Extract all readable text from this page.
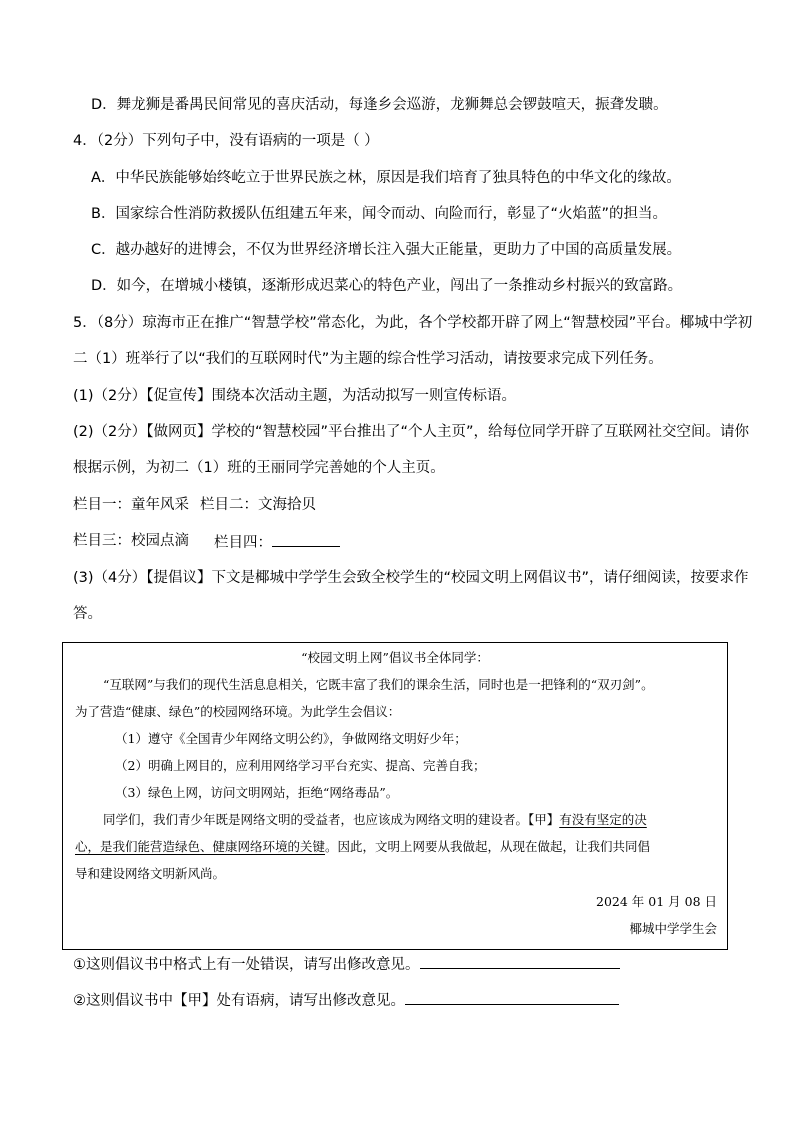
D．舞龙狮是番禺民间常见的喜庆活动，每逢乡会巡游，龙狮舞总会锣鼓喧天，振聋发聩。
4．（2分）下列句子中，没有语病的一项是（ ）
A．中华民族能够始终屹立于世界民族之林，原因是我们培育了独具特色的中华文化的缘故。
B．国家综合性消防救援队伍组建五年来，闻令而动、向险而行，彰显了“火焰蓝”的担当。
C．越办越好的进博会，不仅为世界经济增长注入强大正能量，更助力了中国的高质量发展。
D．如今，在增城小楼镇，逐渐形成迟菜心的特色产业，闯出了一条推动乡村振兴的致富路。
5．（8分）琼海市正在推广“智慧学校”常态化，为此，各个学校都开辟了网上“智慧校园”平台。椰城中学初
二（1）班举行了以“我们的互联网时代”为主题的综合性学习活动，请按要求完成下列任务。
(1)（2分）【促宣传】围绕本次活动主题，为活动拟写一则宣传标语。
(2)（2分）【做网页】学校的“智慧校园”平台推出了“个人主页”，给每位同学开辟了互联网社交空间。请你
根据示例，为初二（1）班的王丽同学完善她的个人主页。
栏目一：童年风采 栏目二：文海拾贝
栏目三：校园点滴 栏目四：
(3)（4分）【提倡议】下文是椰城中学学生会致全校学生的“校园文明上网倡议书”，请仔细阅读，按要求作
答。
“校园文明上网”倡议书全体同学：
“互联网”与我们的现代生活息息相关，它既丰富了我们的课余生活，同时也是一把锋利的“双刃剑”。
为了营造“健康、绿色”的校园网络环境。为此学生会倡议：
（1）遵守《全国青少年网络文明公约》，争做网络文明好少年；
（2）明确上网目的，应利用网络学习平台充实、提高、完善自我；
（3）绿色上网，访问文明网站，拒绝“网络毒品”。
同学们，我们青少年既是网络文明的受益者，也应该成为网络文明的建设者。【甲】有没有坚定的决
心，是我们能营造绿色、健康网络环境的关键。因此，文明上网要从我做起，从现在做起，让我们共同倡
导和建设网络文明新风尚。
2024 年 01 月 08 日
椰城中学学生会
①这则倡议书中格式上有一处错误，请写出修改意见。
②这则倡议书中【甲】处有语病，请写出修改意见。
